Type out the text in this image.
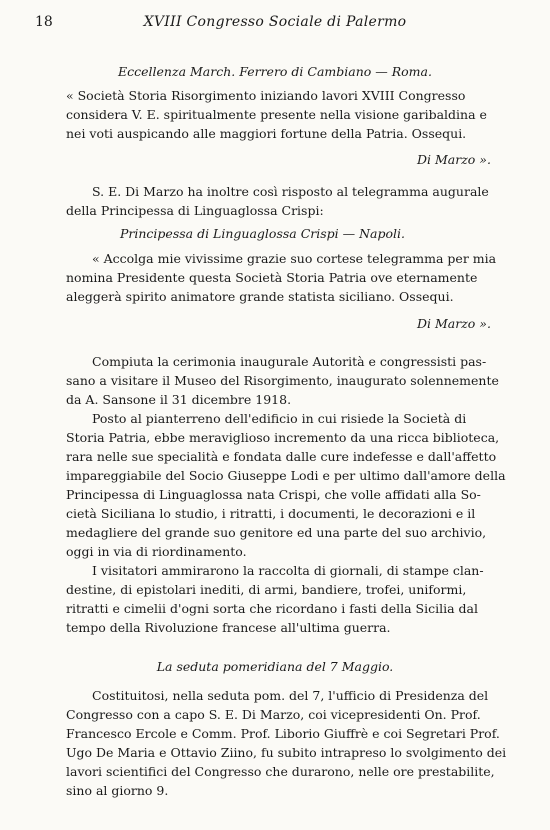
18	XVIII Congresso Sociale di Palermo
Eccellenza March. Ferrero di Cambiano — Roma.
« Società Storia Risorgimento iniziando lavori XVIII Congresso
considera V. E. spiritualmente presente nella visione garibaldina e
nei voti auspicando alle maggiori fortune della Patria. Ossequi.
Di Marzo ».
S. E. Di Marzo ha inoltre così risposto al telegramma augurale
della Principessa di Linguaglossa Crispi:
Principessa di Linguaglossa Crispi — Napoli.
« Accolga mie vivissime grazie suo cortese telegramma per mia
nomina Presidente questa Società Storia Patria ove eternamente
aleggerà spirito animatore grande statista siciliano. Ossequi.
Di Marzo ».
Compiuta la cerimonia inaugurale Autorità e congressisti pas-
sano a visitare il Museo del Risorgimento, inaugurato solennemente
da A. Sansone il 31 dicembre 1918.
Posto al pianterreno dell'edificio in cui risiede la Società di
Storia Patria, ebbe meraviglioso incremento da una ricca biblioteca,
rara nelle sue specialità e fondata dalle cure indefesse e dall'affetto
impareggiabile del Socio Giuseppe Lodi e per ultimo dall'amore della
Principessa di Linguaglossa nata Crispi, che volle affidati alla So-
cietà Siciliana lo studio, i ritratti, i documenti, le decorazioni e il
medagliere del grande suo genitore ed una parte del suo archivio,
oggi in via di riordinamento.
I visitatori ammirarono la raccolta di giornali, di stampe clan-
destine, di epistolari inediti, di armi, bandiere, trofei, uniformi,
ritratti e cimelii d'ogni sorta che ricordano i fasti della Sicilia dal
tempo della Rivoluzione francese all'ultima guerra.
La seduta pomeridiana del 7 Maggio.
Costituitosi, nella seduta pom. del 7, l'ufficio di Presidenza del
Congresso con a capo S. E. Di Marzo, coi vicepresidenti On. Prof.
Francesco Ercole e Comm. Prof. Liborio Giuffrè e coi Segretari Prof.
Ugo De Maria e Ottavio Ziino, fu subito intrapreso lo svolgimento dei
lavori scientifici del Congresso che durarono, nelle ore prestabilite,
sino al giorno 9.
